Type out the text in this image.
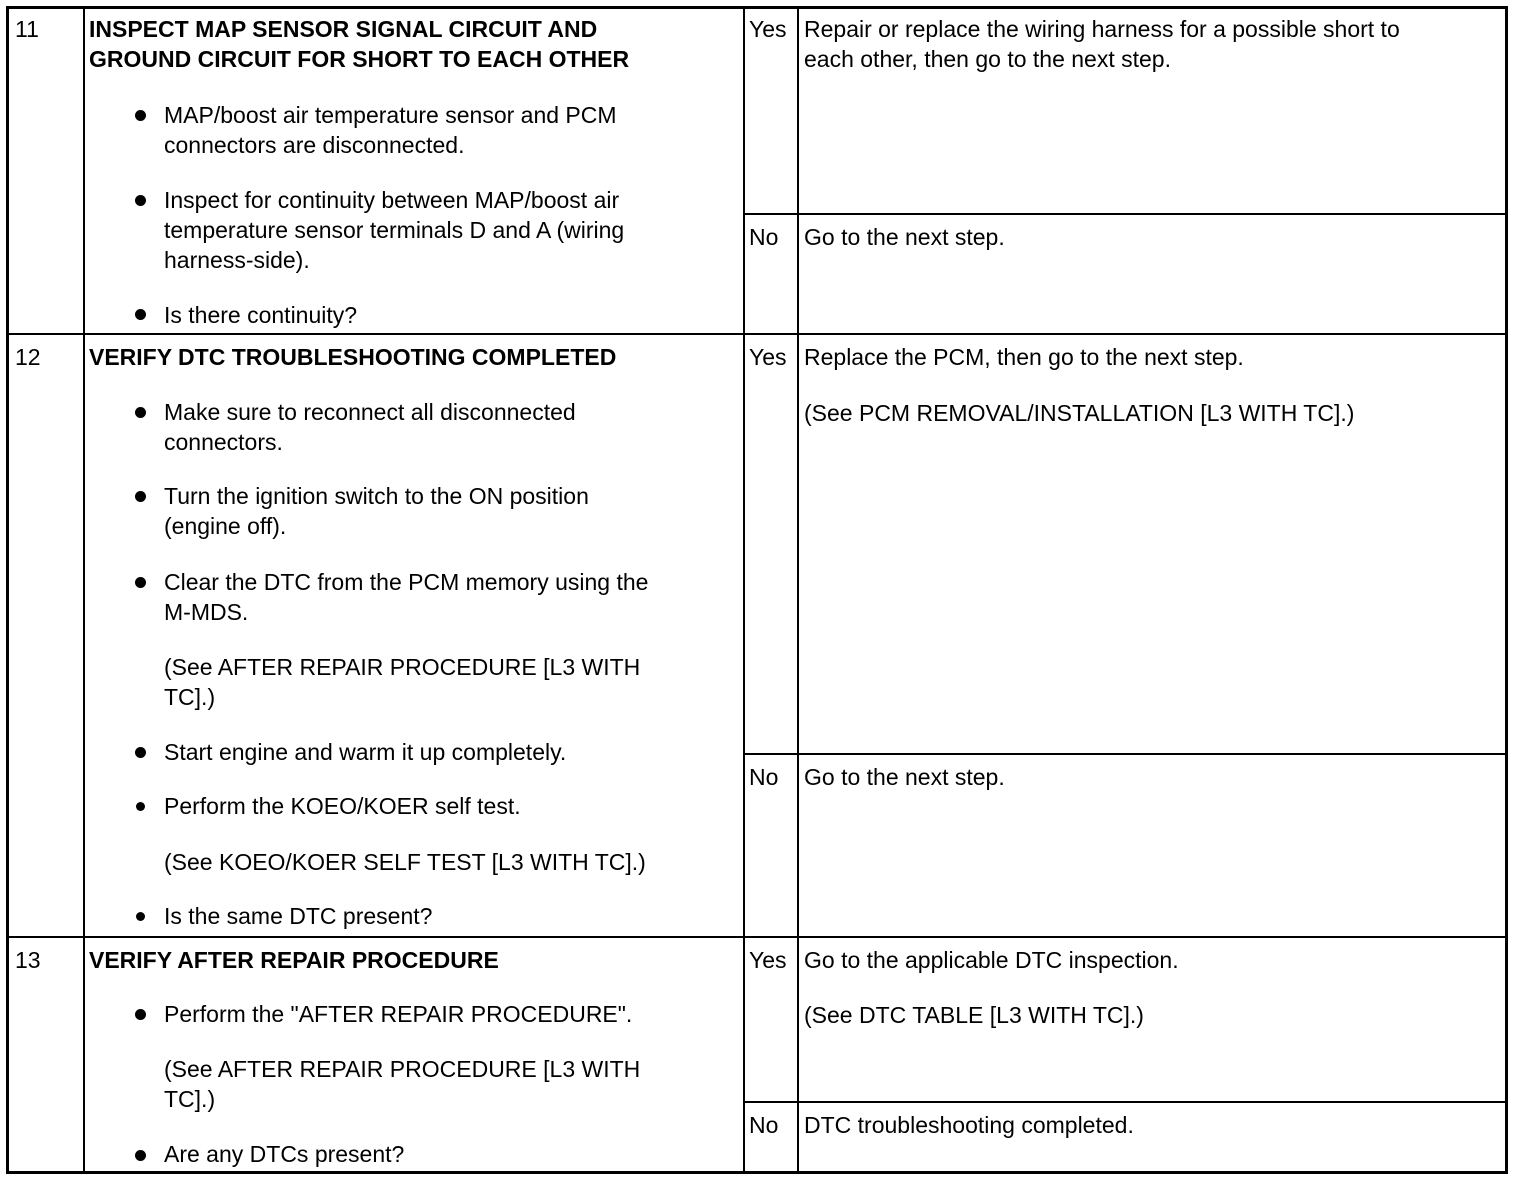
11 INSPECT MAP SENSOR SIGNAL CIRCUIT AND
GROUND CIRCUIT FOR SHORT TO EACH OTHER
MAP/boost air temperature sensor and PCM
connectors are disconnected.
Inspect for continuity between MAP/boost air
temperature sensor terminals D and A (wiring
harness-side).
Is there continuity?
Yes Repair or replace the wiring harness for a possible short to
each other, then go to the next step.
No Go to the next step.
12 VERIFY DTC TROUBLESHOOTING COMPLETED
Make sure to reconnect all disconnected
connectors.
Turn the ignition switch to the ON position
(engine off).
Clear the DTC from the PCM memory using the
M-MDS.
(See AFTER REPAIR PROCEDURE [L3 WITH
TC].)
Start engine and warm it up completely.
Perform the KOEO/KOER self test.
(See KOEO/KOER SELF TEST [L3 WITH TC].)
Is the same DTC present?
Yes Replace the PCM, then go to the next step.
(See PCM REMOVAL/INSTALLATION [L3 WITH TC].)
No Go to the next step.
13 VERIFY AFTER REPAIR PROCEDURE
Perform the "AFTER REPAIR PROCEDURE".
(See AFTER REPAIR PROCEDURE [L3 WITH
TC].)
Are any DTCs present?
Yes Go to the applicable DTC inspection.
(See DTC TABLE [L3 WITH TC].)
No DTC troubleshooting completed.
